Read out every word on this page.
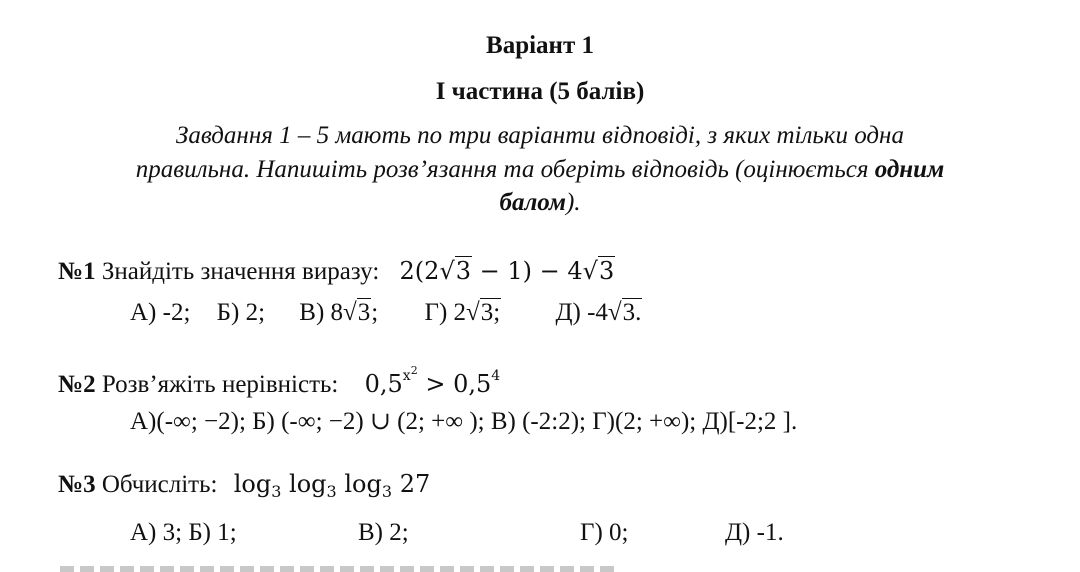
Варіант 1
І частина (5 балів)
Завдання 1 – 5 мають по три варіанти відповіді, з яких тільки одна
правильна. Напишіть розв’язання та оберіть відповідь (оцінюється одним
балом).
№1 Знайдіть значення виразу: 2(2√3 − 1) − 4√3
А) -2; Б) 2; В) 8√3; Г) 2√3; Д) -4√3.
№2 Розв’яжіть нерівність: $0,5^{x^2} > 0,5^4$
А)(-∞; −2); Б) (-∞; −2) ∪ (2; +∞ ); В) (-2:2); Г)(2; +∞); Д)[-2;2 ].
№3 Обчисліть: $\log_3 \log_3 \log_3 27$
А) 3; Б) 1;	В) 2;	Г) 0;	Д) -1.
